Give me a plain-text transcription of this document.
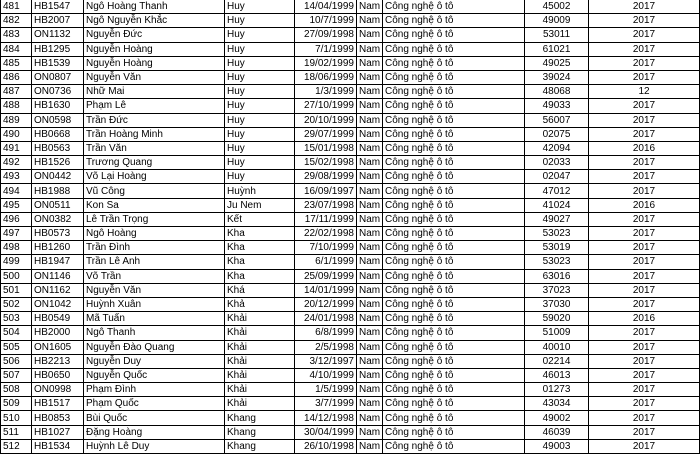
481	HB1547	Ngô Hoàng Thanh	Huy	14/04/1999	Nam	Công nghệ ô tô	45002	2017
482	HB2007	Ngô Nguyễn Khắc	Huy	10/7/1999	Nam	Công nghệ ô tô	49009	2017
483	ON1132	Nguyễn Đức	Huy	27/09/1998	Nam	Công nghệ ô tô	53011	2017
484	HB1295	Nguyễn Hoàng	Huy	7/1/1999	Nam	Công nghệ ô tô	61021	2017
485	HB1539	Nguyễn Hoàng	Huy	19/02/1999	Nam	Công nghệ ô tô	49025	2017
486	ON0807	Nguyễn Văn	Huy	18/06/1999	Nam	Công nghệ ô tô	39024	2017
487	ON0736	Nhữ Mai	Huy	1/3/1999	Nam	Công nghệ ô tô	48068	12
488	HB1630	Phạm Lê	Huy	27/10/1999	Nam	Công nghệ ô tô	49033	2017
489	ON0598	Trần Đức	Huy	20/10/1999	Nam	Công nghệ ô tô	56007	2017
490	HB0668	Trần Hoàng Minh	Huy	29/07/1999	Nam	Công nghệ ô tô	02075	2017
491	HB0563	Trần Văn	Huy	15/01/1998	Nam	Công nghệ ô tô	42094	2016
492	HB1526	Trương Quang	Huy	15/02/1998	Nam	Công nghệ ô tô	02033	2017
493	ON0442	Võ Lại Hoàng	Huy	29/08/1999	Nam	Công nghệ ô tô	02047	2017
494	HB1988	Vũ Công	Huỳnh	16/09/1997	Nam	Công nghệ ô tô	47012	2017
495	ON0511	Kon Sa	Ju Nem	23/07/1998	Nam	Công nghệ ô tô	41024	2016
496	ON0382	Lê Trần Trọng	Kết	17/11/1999	Nam	Công nghệ ô tô	49027	2017
497	HB0573	Ngô Hoàng	Kha	22/02/1998	Nam	Công nghệ ô tô	53023	2017
498	HB1260	Trần Đình	Kha	7/10/1999	Nam	Công nghệ ô tô	53019	2017
499	HB1947	Trần Lê Anh	Kha	6/1/1999	Nam	Công nghệ ô tô	53023	2017
500	ON1146	Võ Trần	Kha	25/09/1999	Nam	Công nghệ ô tô	63016	2017
501	ON1162	Nguyễn Văn	Khá	14/01/1999	Nam	Công nghệ ô tô	37023	2017
502	ON1042	Huỳnh Xuân	Khả	20/12/1999	Nam	Công nghệ ô tô	37030	2017
503	HB0549	Mã Tuấn	Khải	24/01/1998	Nam	Công nghệ ô tô	59020	2016
504	HB2000	Ngô Thanh	Khải	6/8/1999	Nam	Công nghệ ô tô	51009	2017
505	ON1605	Nguyễn Đào Quang	Khải	2/5/1998	Nam	Công nghệ ô tô	40010	2017
506	HB2213	Nguyễn Duy	Khải	3/12/1997	Nam	Công nghệ ô tô	02214	2017
507	HB0650	Nguyễn Quốc	Khải	4/10/1999	Nam	Công nghệ ô tô	46013	2017
508	ON0998	Phạm Đình	Khải	1/5/1999	Nam	Công nghệ ô tô	01273	2017
509	HB1517	Phạm Quốc	Khải	3/7/1999	Nam	Công nghệ ô tô	43034	2017
510	HB0853	Bùi Quốc	Khang	14/12/1998	Nam	Công nghệ ô tô	49002	2017
511	HB1027	Đặng Hoàng	Khang	30/04/1999	Nam	Công nghệ ô tô	46039	2017
512	HB1534	Huỳnh Lê Duy	Khang	26/10/1998	Nam	Công nghệ ô tô	49003	2017
